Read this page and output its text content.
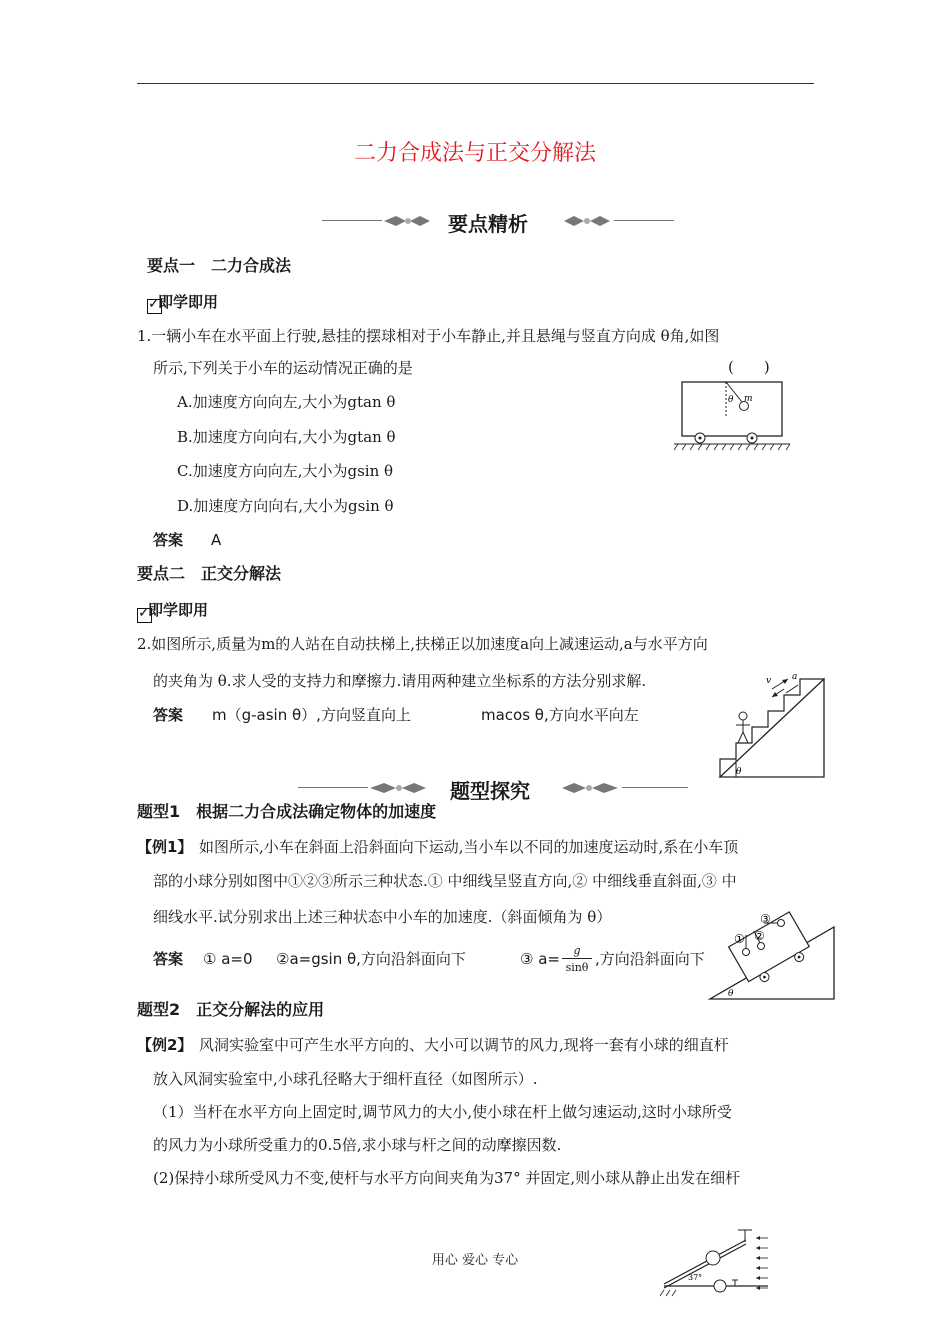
二力合成法与正交分解法
要点精析
要点一　二力合成法
✓
即学即用
1.一辆小车在水平面上行驶,悬挂的摆球相对于小车静止,并且悬绳与竖直方向成 θ角,如图
所示,下列关于小车的运动情况正确的是	(　　)
A.加速度方向向左,大小为gtan θ
B.加速度方向向右,大小为gtan θ
C.加速度方向向左,大小为gsin θ
D.加速度方向向右,大小为gsin θ
答案 A
θ m
要点二　正交分解法
✓
即学即用
2.如图所示,质量为m的人站在自动扶梯上,扶梯正以加速度a向上减速运动,a与水平方向
的夹角为 θ.求人受的支持力和摩擦力.请用两种建立坐标系的方法分别求解.
答案 m（g-asin θ）,方向竖直向上	macos θ,方向水平向左
v a
θ
题型探究
题型1　根据二力合成法确定物体的加速度
【例1】 如图所示,小车在斜面上沿斜面向下运动,当小车以不同的加速度运动时,系在小车顶
部的小球分别如图中①②③所示三种状态.① 中细线呈竖直方向,② 中细线垂直斜面,③ 中
细线水平.试分别求出上述三种状态中小车的加速度.（斜面倾角为 θ）
答案 ① a=0 ②a=gsin θ,方向沿斜面向下	③ a=	g
sinθ ,方向沿斜面向下
① ②
③
θ
题型2　正交分解法的应用
【例2】 风洞实验室中可产生水平方向的、大小可以调节的风力,现将一套有小球的细直杆
放入风洞实验室中,小球孔径略大于细杆直径（如图所示）.
（1）当杆在水平方向上固定时,调节风力的大小,使小球在杆上做匀速运动,这时小球所受
的风力为小球所受重力的0.5倍,求小球与杆之间的动摩擦因数.
(2)保持小球所受风力不变,使杆与水平方向间夹角为37° 并固定,则小球从静止出发在细杆
37°
用心 爱心 专心
